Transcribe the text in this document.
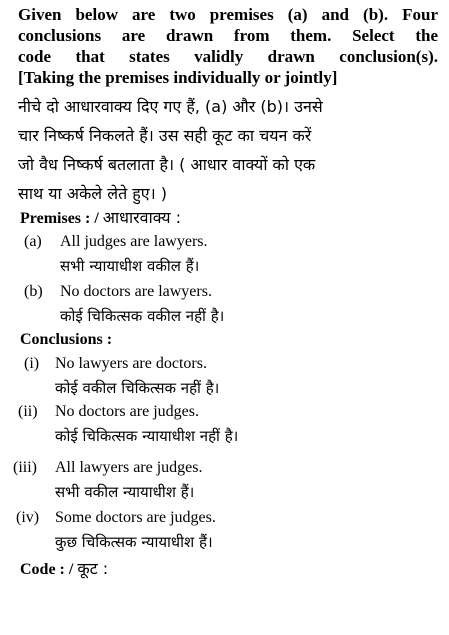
Given below are two premises (a) and (b). Four
conclusions are drawn from them. Select the
code that states validly drawn conclusion(s).
[Taking the premises individually or jointly]
नीचे दो आधारवाक्य दिए गए हैं, (a) और (b)। उनसे
चार निष्कर्ष निकलते हैं। उस सही कूट का चयन करें
जो वैध निष्कर्ष बतलाता है। ( आधार वाक्यों को एक
साथ या अकेले लेते हुए। )
Premises : / आधारवाक्य :
(a) All judges are lawyers.
सभी न्यायाधीश वकील हैं।
(b) No doctors are lawyers.
कोई चिकित्सक वकील नहीं है।
Conclusions :
(i) No lawyers are doctors.
कोई वकील चिकित्सक नहीं है।
(ii) No doctors are judges.
कोई चिकित्सक न्यायाधीश नहीं है।
(iii) All lawyers are judges.
सभी वकील न्यायाधीश हैं।
(iv) Some doctors are judges.
कुछ चिकित्सक न्यायाधीश हैं।
Code : / कूट :
